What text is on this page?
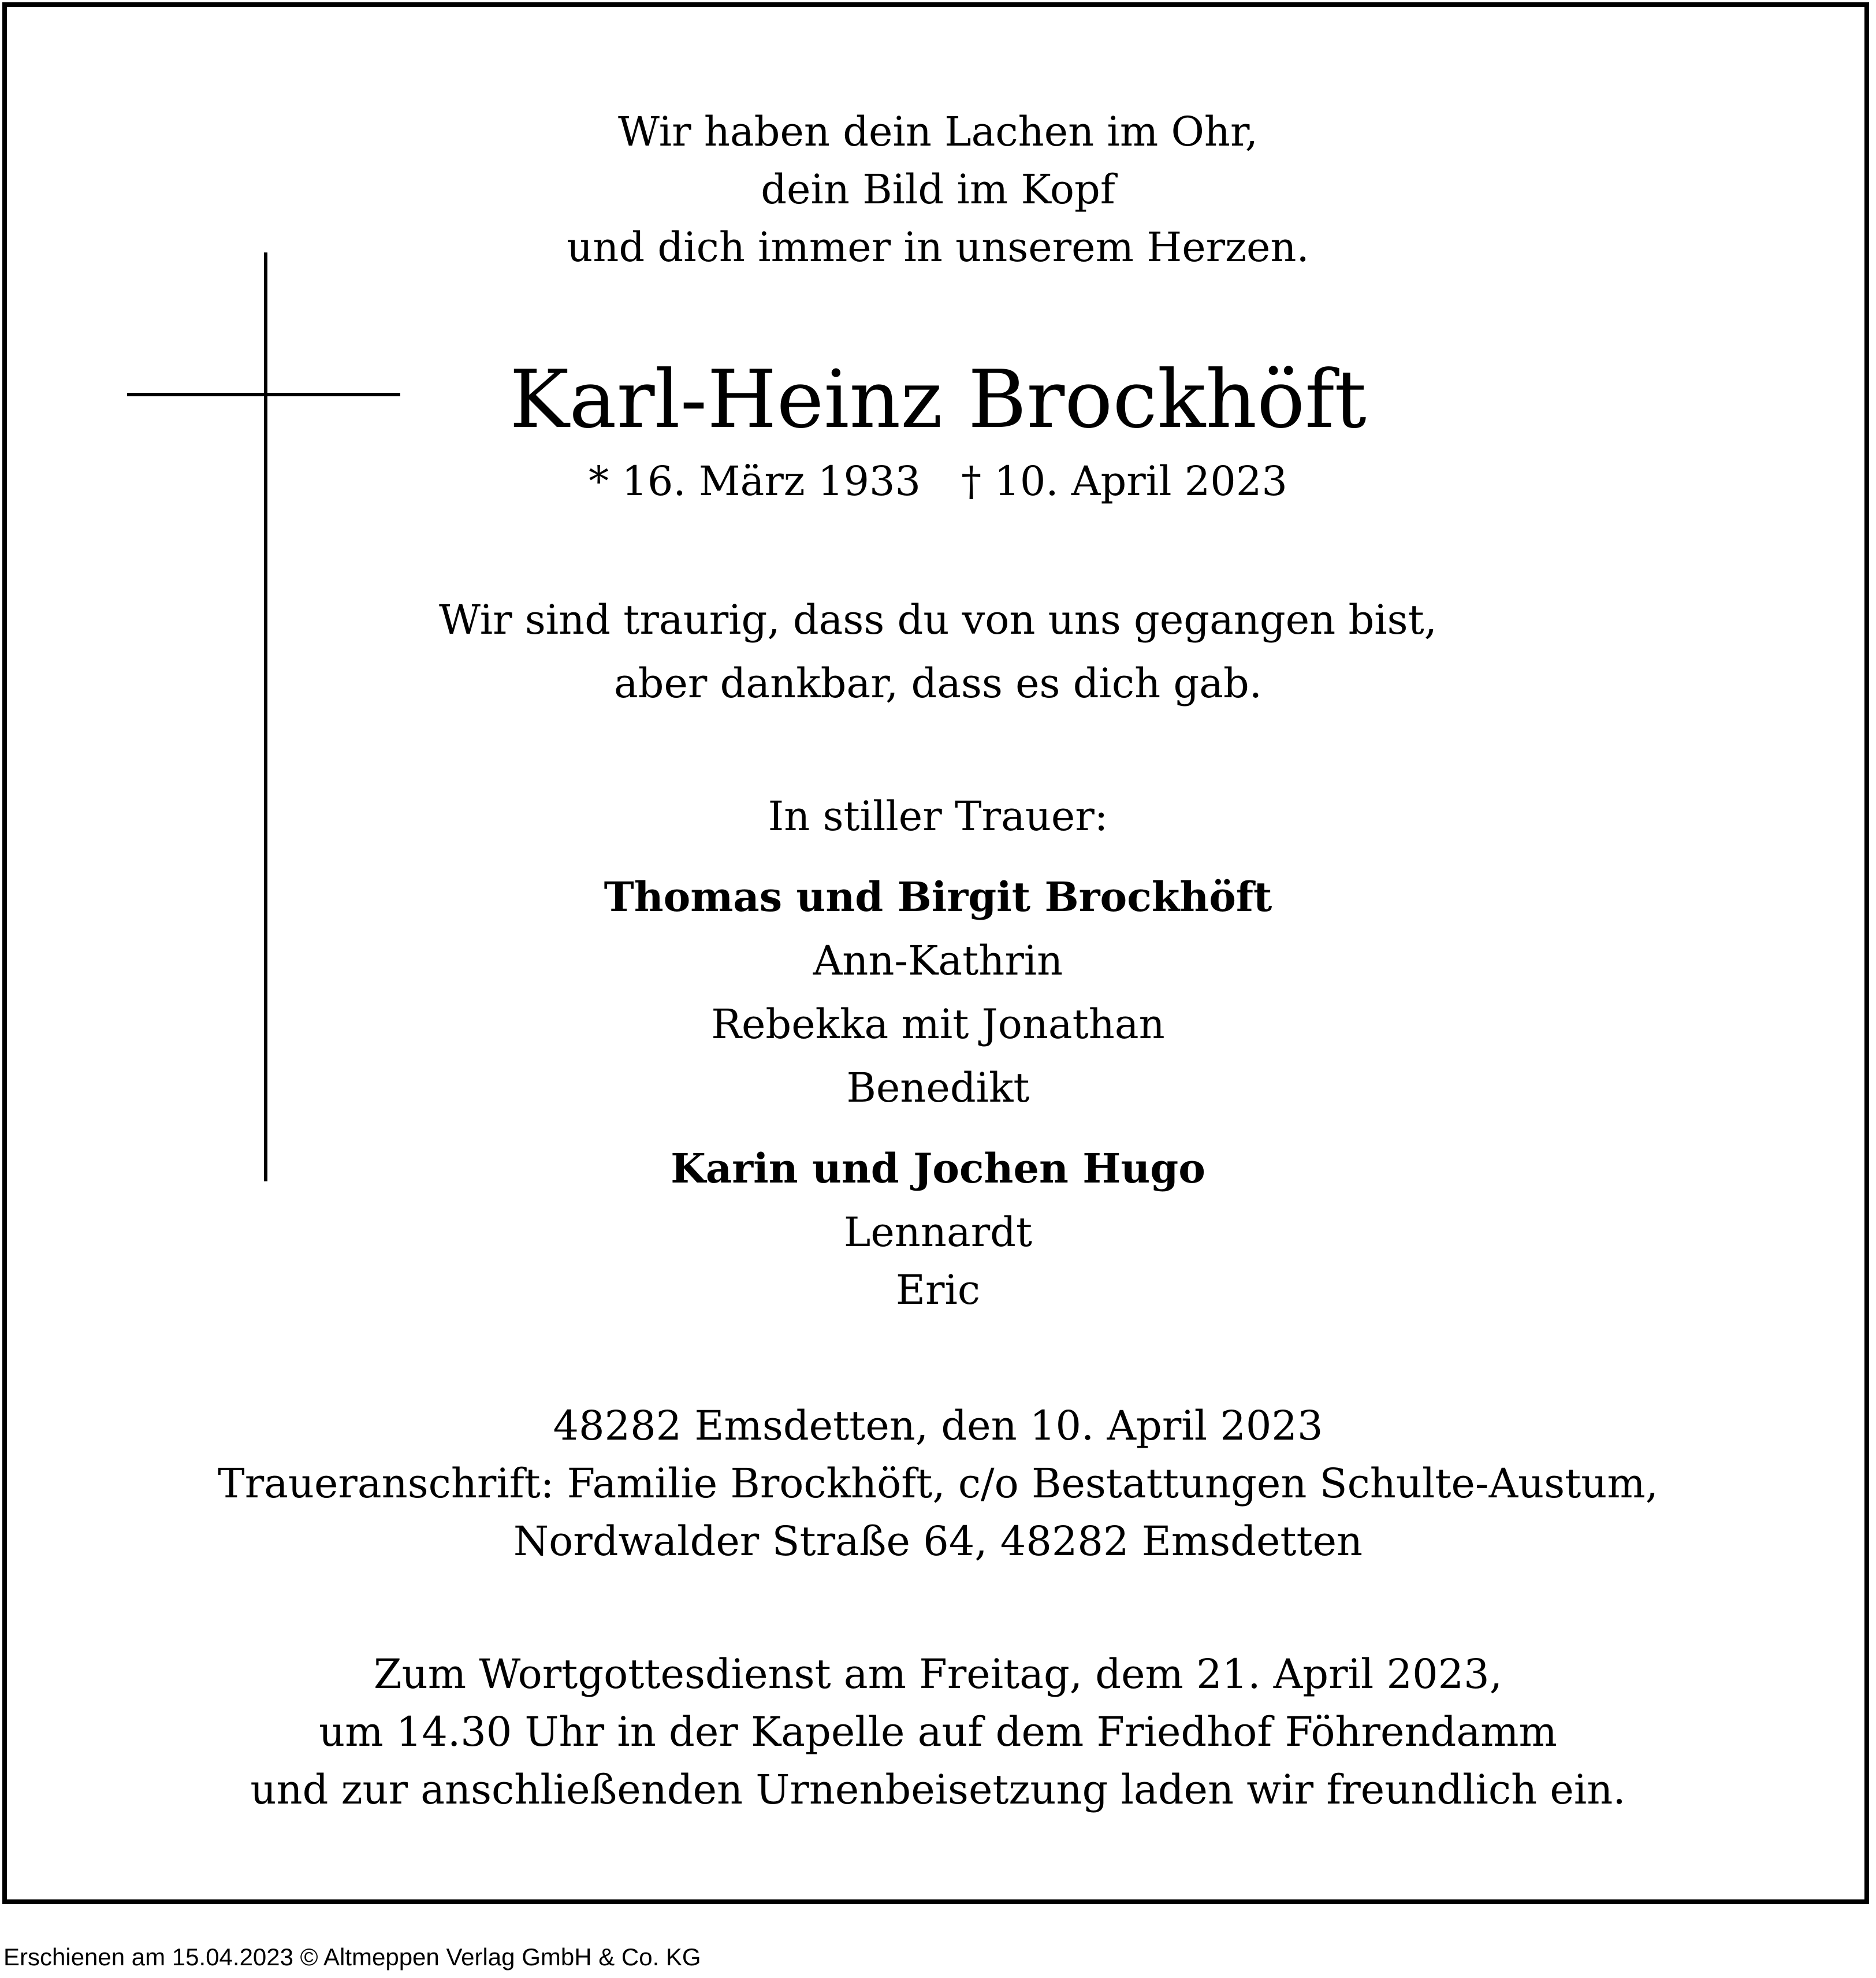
Wir haben dein Lachen im Ohr,
dein Bild im Kopf
und dich immer in unserem Herzen.
Karl-Heinz Brockhöft
* 16. März 1933 † 10. April 2023
Wir sind traurig, dass du von uns gegangen bist,
aber dankbar, dass es dich gab.
In stiller Trauer:
Thomas und Birgit Brockhöft
Ann-Kathrin
Rebekka mit Jonathan
Benedikt
Karin und Jochen Hugo
Lennardt
Eric
48282 Emsdetten, den 10. April 2023
Traueranschrift: Familie Brockhöft, c/o Bestattungen Schulte-Austum,
Nordwalder Straße 64, 48282 Emsdetten
Zum Wortgottesdienst am Freitag, dem 21. April 2023,
um 14.30 Uhr in der Kapelle auf dem Friedhof Föhrendamm
und zur anschließenden Urnenbeisetzung laden wir freundlich ein.
Erschienen am 15.04.2023 © Altmeppen Verlag GmbH & Co. KG
